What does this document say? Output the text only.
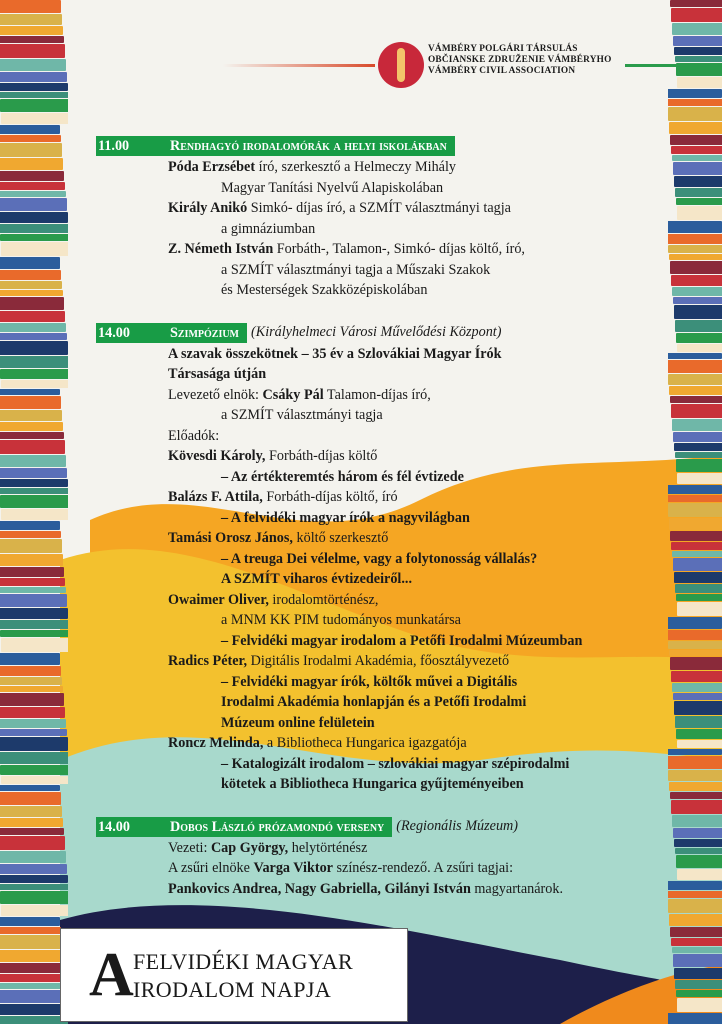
VÁMBÉRY POLGÁRI TÁRSULÁS
OBČIANSKE ZDRUŽENIE VÁMBÉRYHO
VÁMBÉRY CIVIL ASSOCIATION
11.00	Rendhagyó irodalomórák a helyi iskolákban
Póda Erzsébet író, szerkesztő a Helmeczy Mihály
Magyar Tanítási Nyelvű Alapiskolában
Király Anikó Simkó- díjas író, a SZMÍT választmányi tagja
a gimnáziumban
Z. Németh István Forbáth-, Talamon-, Simkó- díjas költő, író,
a SZMÍT választmányi tagja a Műszaki Szakok
és Mesterségek Szakközépiskolában
14.00	Szimpózium (Királyhelmeci Városi Művelődési Központ)
A szavak összekötnek – 35 év a Szlovákiai Magyar Írók
Társasága útján
Levezető elnök: Csáky Pál Talamon-díjas író,
a SZMÍT választmányi tagja
Előadók:
Kövesdi Károly, Forbáth-díjas költő
– Az értékteremtés három és fél évtizede
Balázs F. Attila, Forbáth-díjas költő, író
– A felvidéki magyar írók a nagyvilágban
Tamási Orosz János, költő szerkesztő
– A treuga Dei vélelme, vagy a folytonosság vállalás?
A SZMÍT viharos évtizedeiről...
Owaimer Oliver, irodalomtörténész,
a MNM KK PIM tudományos munkatársa
– Felvidéki magyar irodalom a Petőfi Irodalmi Múzeumban
Radics Péter, Digitális Irodalmi Akadémia, főosztályvezető
– Felvidéki magyar írók, költők művei a Digitális
Irodalmi Akadémia honlapján és a Petőfi Irodalmi
Múzeum online felületein
Roncz Melinda, a Bibliotheca Hungarica igazgatója
– Katalogizált irodalom – szlovákiai magyar szépirodalmi
kötetek a Bibliotheca Hungarica gyűjteményeiben
14.00	Dobos László prózamondó verseny (Regionális Múzeum)
Vezeti: Cap György, helytörténész
A zsűri elnöke Varga Viktor színész-rendező. A zsűri tagjai:
Pankovics Andrea, Nagy Gabriella, Gilányi István magyartanárok.
A FELVIDÉKI MAGYAR
IRODALOM NAPJA
